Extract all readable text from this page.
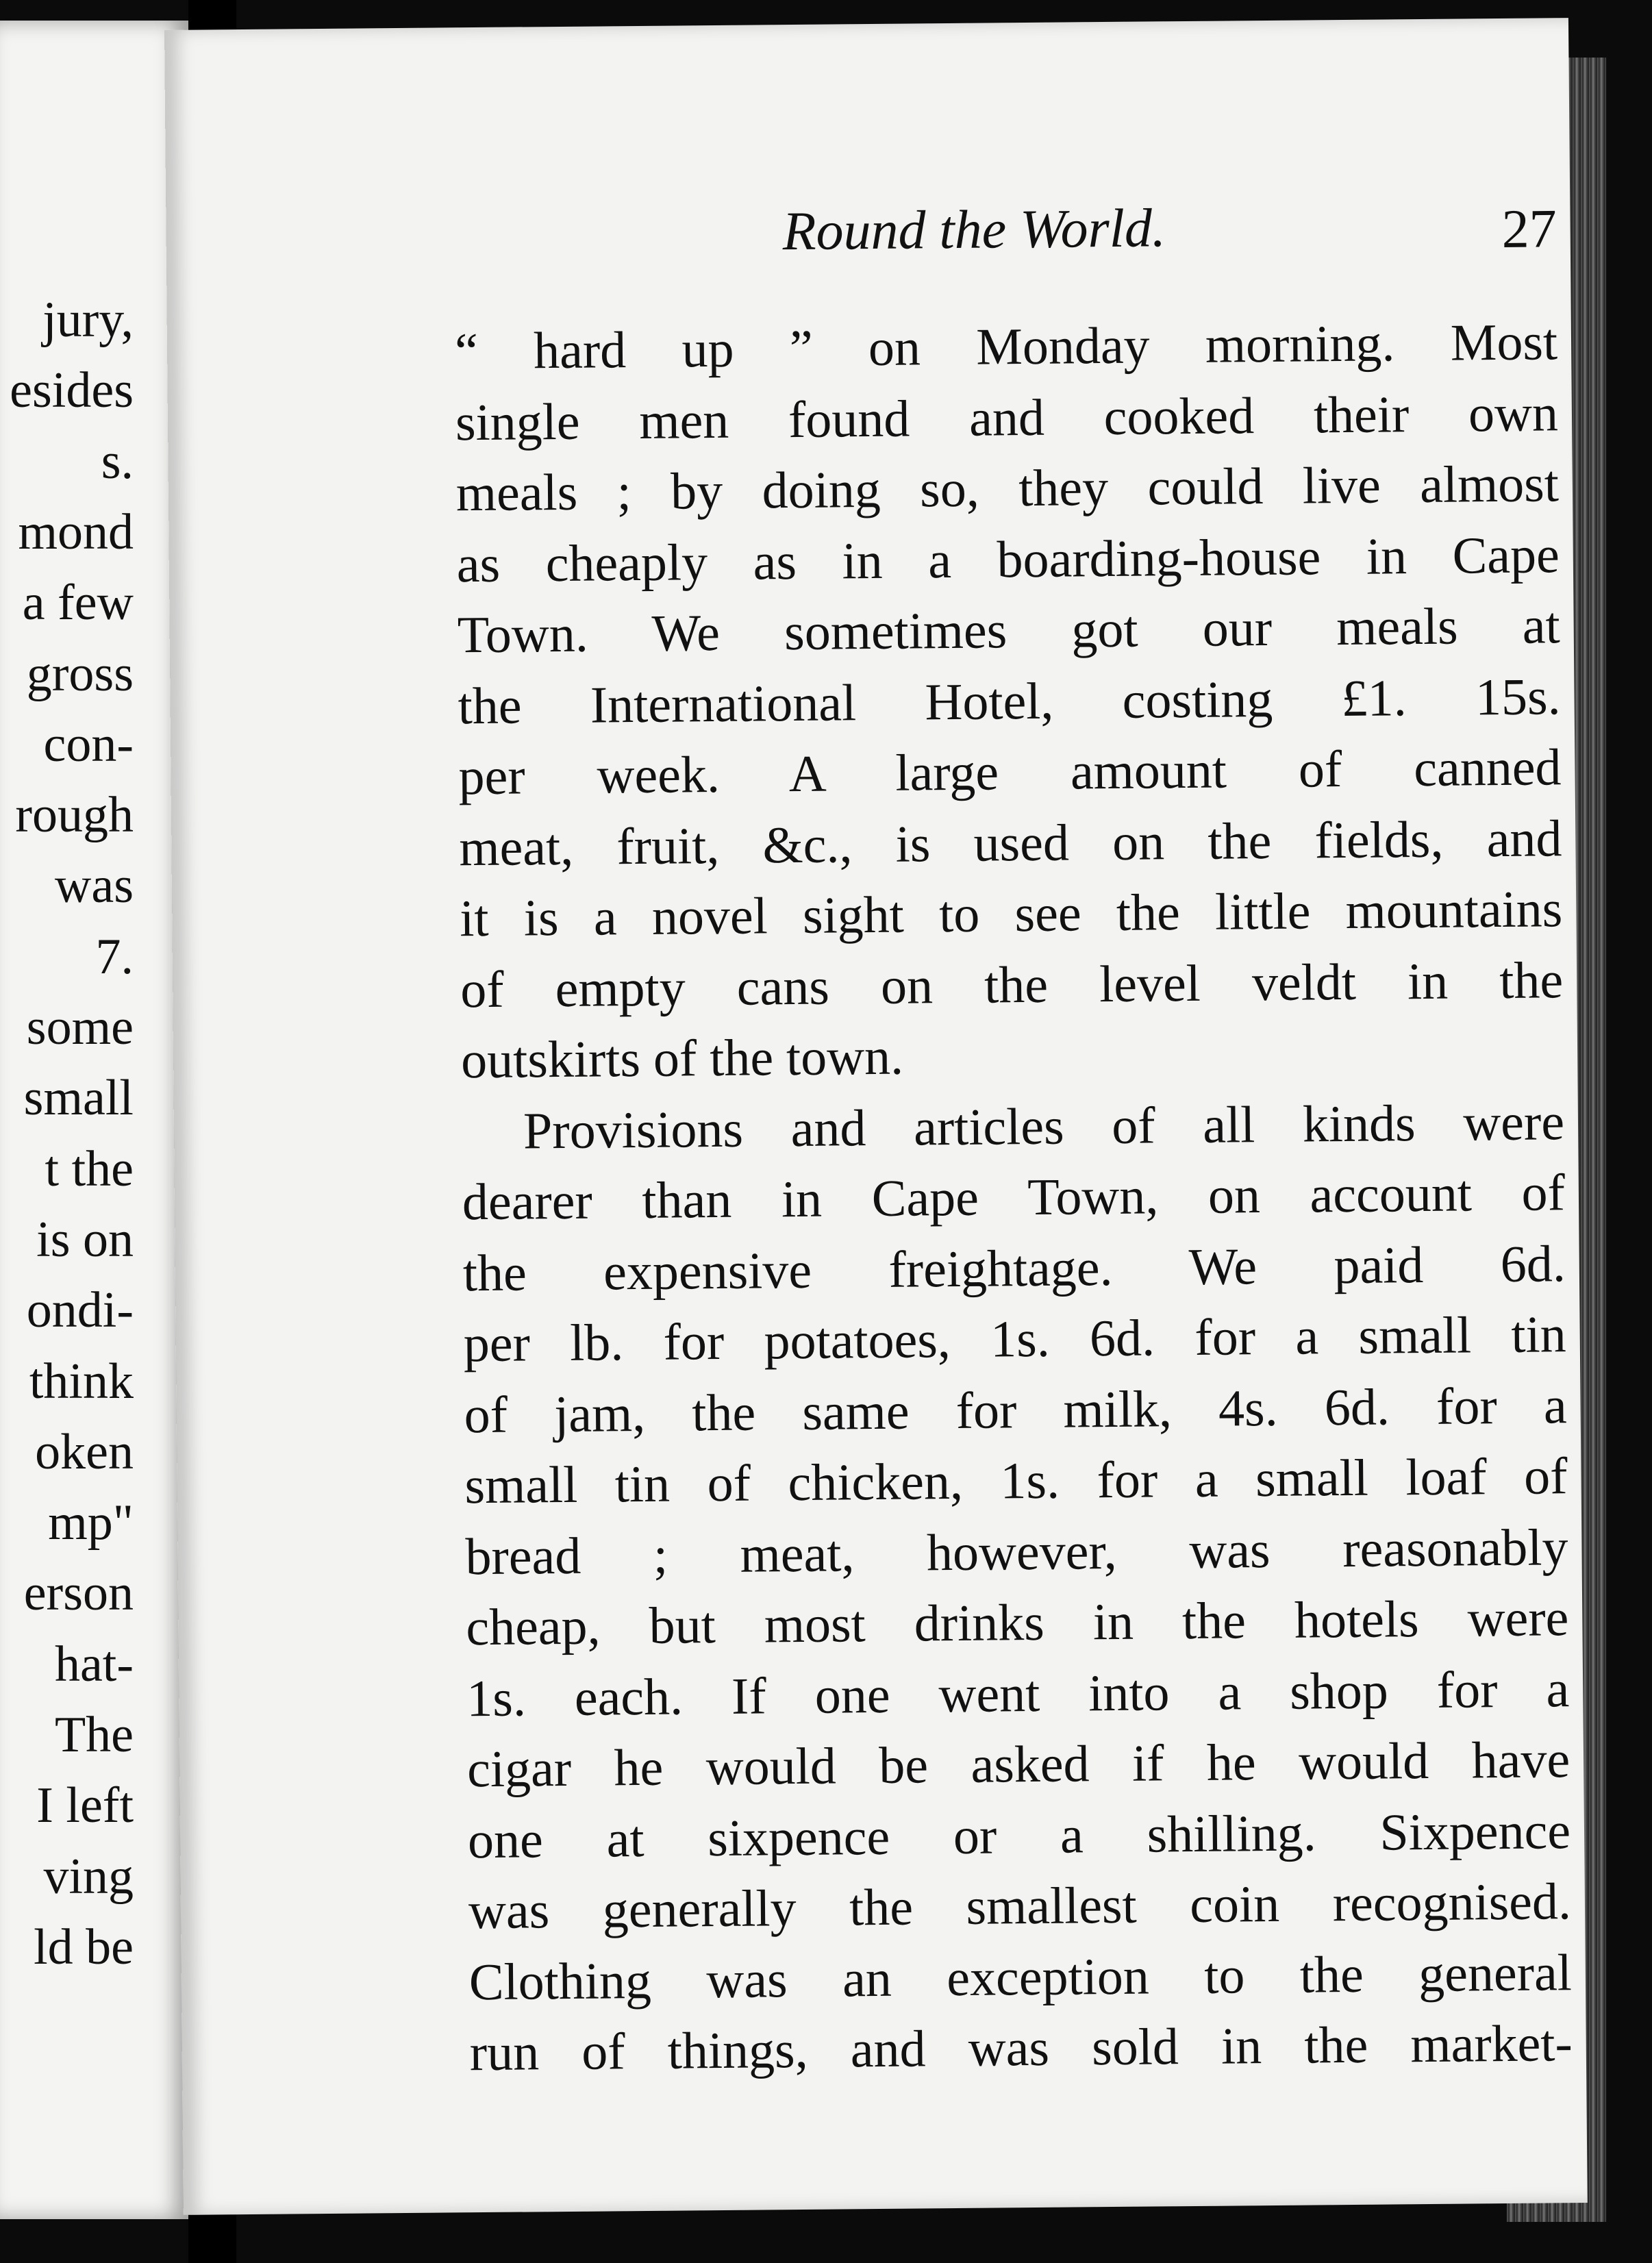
jury,
esides
s.
mond
a few
gross
con-
rough
was
7.
some
small
t the
is on
ondi-
think
oken
mp"
erson
hat-
The
I left
ving
ld be
Round the World.	27
“ hard up ” on Monday morning. Most
single men found and cooked their own
meals ; by doing so, they could live almost
as cheaply as in a boarding-house in Cape
Town. We sometimes got our meals at
the International Hotel, costing £1. 15s.
per week. A large amount of canned
meat, fruit, &c., is used on the fields, and
it is a novel sight to see the little mountains
of empty cans on the level veldt in the
outskirts of the town.
Provisions and articles of all kinds were
dearer than in Cape Town, on account of
the expensive freightage. We paid 6d.
per lb. for potatoes, 1s. 6d. for a small tin
of jam, the same for milk, 4s. 6d. for a
small tin of chicken, 1s. for a small loaf of
bread ; meat, however, was reasonably
cheap, but most drinks in the hotels were
1s. each. If one went into a shop for a
cigar he would be asked if he would have
one at sixpence or a shilling. Sixpence
was generally the smallest coin recognised.
Clothing was an exception to the general
run of things, and was sold in the market-
